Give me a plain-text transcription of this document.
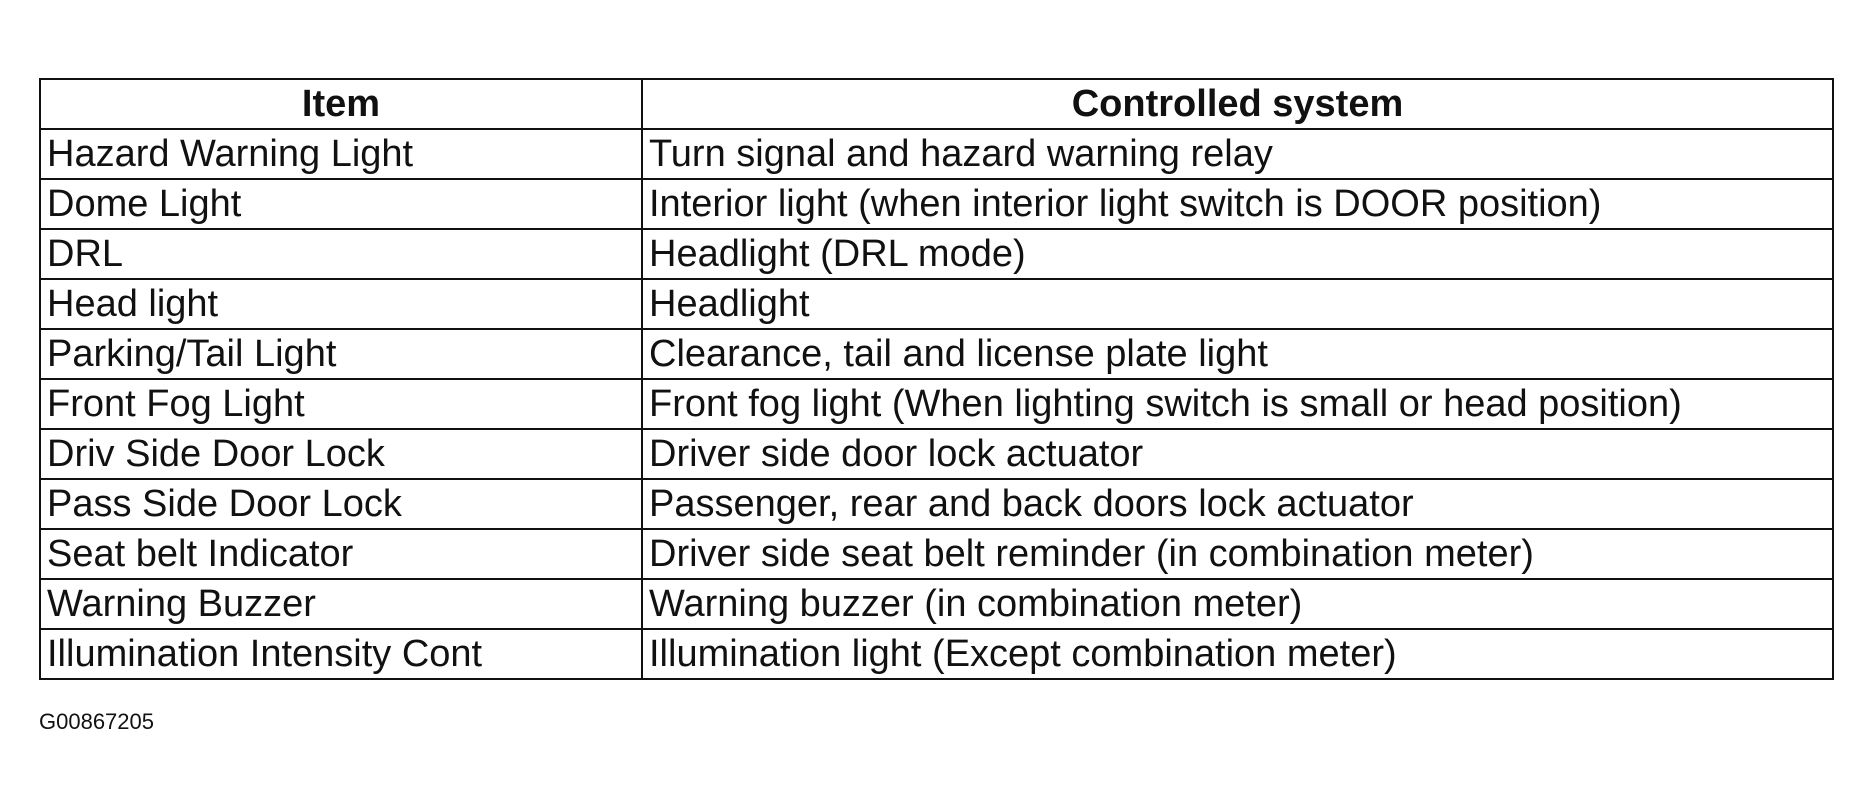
Item	Controlled system
Hazard Warning Light	Turn signal and hazard warning relay
Dome Light	Interior light (when interior light switch is DOOR position)
DRL	Headlight (DRL mode)
Head light	Headlight
Parking/Tail Light	Clearance, tail and license plate light
Front Fog Light	Front fog light (When lighting switch is small or head position)
Driv Side Door Lock	Driver side door lock actuator
Pass Side Door Lock	Passenger, rear and back doors lock actuator
Seat belt Indicator	Driver side seat belt reminder (in combination meter)
Warning Buzzer	Warning buzzer (in combination meter)
Illumination Intensity Cont	Illumination light (Except combination meter)
G00867205
